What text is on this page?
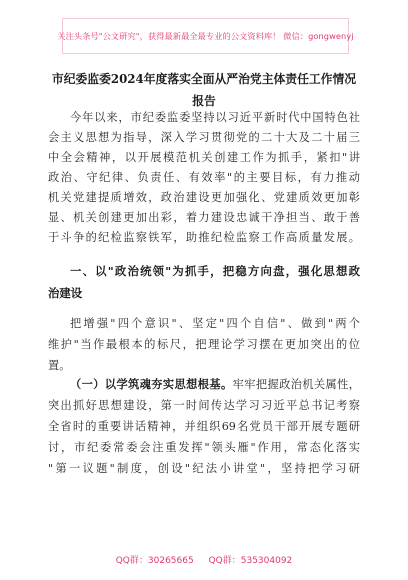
关注头条号"公文研究"，获得最新最全最专业的公文资料库！ 微信：gongwenyj
市纪委监委2024年度落实全面从严治党主体责任工作情况
报告
今年以来，市纪委监委坚持以习近平新时代中国特色社
会主义思想为指导，深入学习贯彻党的二十大及二十届三
中全会精神，以开展模范机关创建工作为抓手，紧扣"讲
政治、守纪律、负责任、有效率"的主要目标，有力推动
机关党建提质增效，政治建设更加强化、党建质效更加彰
显、机关创建更加出彩，着力建设忠诚干净担当、敢于善
于斗争的纪检监察铁军，助推纪检监察工作高质量发展。
一、以"政治统领"为抓手，把稳方向盘，强化思想政
治建设
把增强"四个意识"、坚定"四个自信"、做到"两个
维护"当作最根本的标尺，把理论学习摆在更加突出的位
置。
（一）以学筑魂夯实思想根基。牢牢把握政治机关属性，
突出抓好思想建设，第一时间传达学习习近平总书记考察
全省时的重要讲话精神，并组织69名党员干部开展专题研
讨，市纪委常委会注重发挥"领头雁"作用，常态化落实
"第一议题"制度，创设"纪法小讲堂"，坚持把学习研
QQ群：30265665 QQ群：535304092
